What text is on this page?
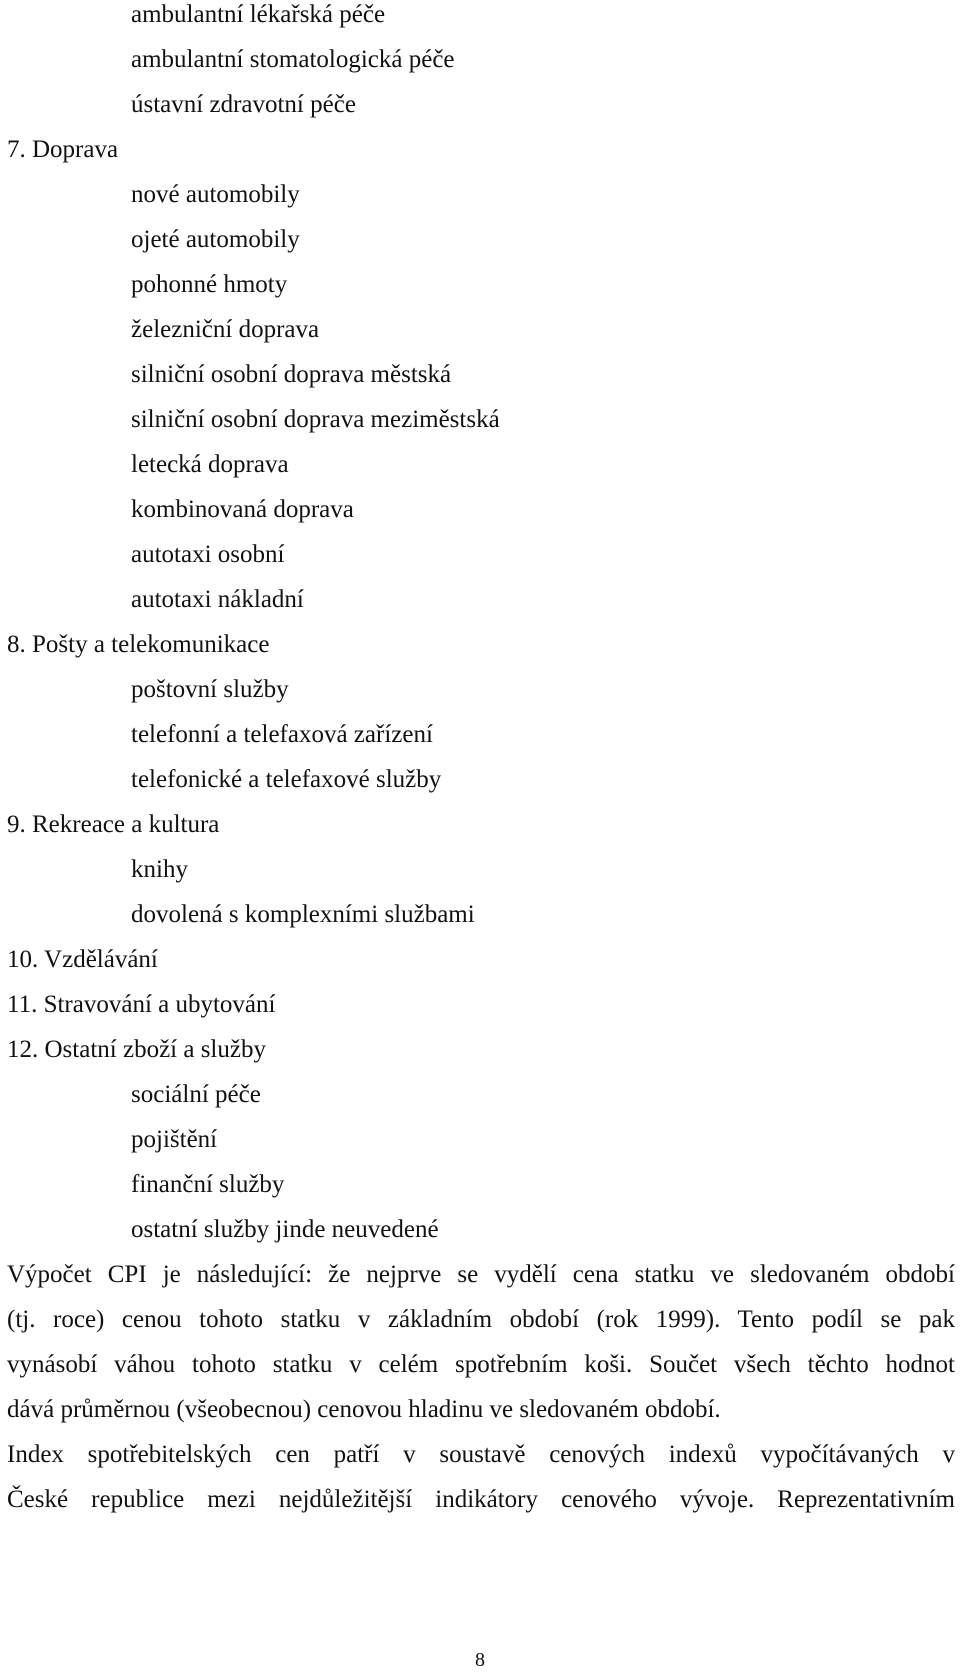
ambulantní lékařská péče
ambulantní stomatologická péče
ústavní zdravotní péče
7. Doprava
nové automobily
ojeté automobily
pohonné hmoty
železniční doprava
silniční osobní doprava městská
silniční osobní doprava meziměstská
letecká doprava
kombinovaná doprava
autotaxi osobní
autotaxi nákladní
8. Pošty a telekomunikace
poštovní služby
telefonní a telefaxová zařízení
telefonické a telefaxové služby
9. Rekreace a kultura
knihy
dovolená s komplexními službami
10. Vzdělávání
11. Stravování a ubytování
12. Ostatní zboží a služby
sociální péče
pojištění
finanční služby
ostatní služby jinde neuvedené
Výpočet CPI je následující: že nejprve se vydělí cena statku ve sledovaném období
(tj. roce) cenou tohoto statku v základním období (rok 1999). Tento podíl se pak
vynásobí váhou tohoto statku v celém spotřebním koši. Součet všech těchto hodnot
dává průměrnou (všeobecnou) cenovou hladinu ve sledovaném období.
Index spotřebitelských cen patří v soustavě cenových indexů vypočítávaných v
České republice mezi nejdůležitější indikátory cenového vývoje. Reprezentativním
8
